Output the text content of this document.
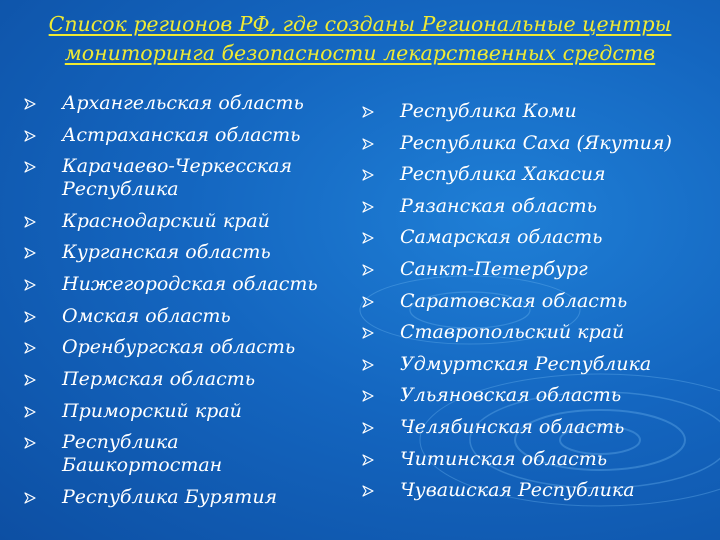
Список регионов РФ, где созданы Региональные центры
мониторинга безопасности лекарственных средств
Архангельская область
Астраханская область
Карачаево-Черкесская Республика
Краснодарский край
Курганская область
Нижегородская область
Омская область
Оренбургская область
Пермская область
Приморский край
Республика Башкортостан
Республика Бурятия
Республика Коми
Республика Саха (Якутия)
Республика Хакасия
Рязанская область
Самарская область
Санкт-Петербург
Саратовская область
Ставропольский край
Удмуртская Республика
Ульяновская область
Челябинская область
Читинская область
Чувашская Республика
